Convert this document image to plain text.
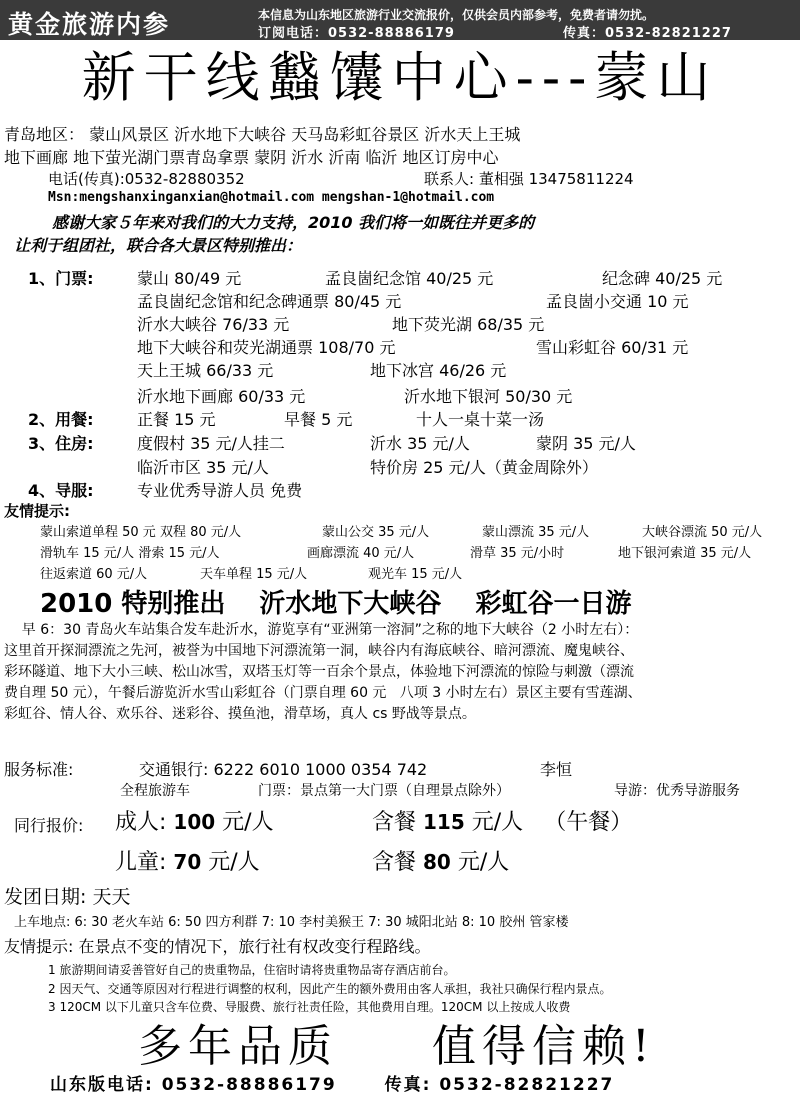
黄金旅游内参	本信息为山东地区旅游行业交流报价，仅供会员内部参考，免费者请勿扰。
订阅电话：0532-88886179	传真：0532-82821227
新干线蠽馕中心---蒙山
青岛地区： 蒙山风景区 沂水地下大峡谷 天马岛彩虹谷景区 沂水天上王城
地下画廊 地下萤光湖门票青岛拿票 蒙阴 沂水 沂南 临沂 地区订房中心
电话(传真):0532-82880352	联系人: 董相强 13475811224
Msn:mengshanxinganxian@hotmail.com mengshan-1@hotmail.com
感谢大家５年来对我们的大力支持，2010 我们将一如既往并更多的
让利于组团社，联合各大景区特别推出：
1、门票:	蒙山 80/49 元	孟良崮纪念馆 40/25 元	纪念碑 40/25 元
孟良崮纪念馆和纪念碑通票 80/45 元	孟良崮小交通 10 元
沂水大峡谷 76/33 元	地下荧光湖 68/35 元
地下大峡谷和荧光湖通票 108/70 元	雪山彩虹谷 60/31 元
天上王城 66/33 元	地下冰宫 46/26 元
沂水地下画廊 60/33 元	沂水地下银河 50/30 元
2、用餐:	正餐 15 元	早餐 5 元	十人一桌十菜一汤
3、住房:	度假村 35 元/人挂二	沂水 35 元/人	蒙阴 35 元/人
临沂市区 35 元/人	特价房 25 元/人（黄金周除外）
4、导服:	专业优秀导游人员 免费
友情提示:
蒙山索道单程 50 元 双程 80 元/人	蒙山公交 35 元/人	蒙山漂流 35 元/人	大峡谷漂流 50 元/人
滑轨车 15 元/人 滑索 15 元/人	画廊漂流 40 元/人	滑草 35 元/小时	地下银河索道 35 元/人
往返索道 60 元/人	天车单程 15 元/人	观光车 15 元/人
2010 特别推出 沂水地下大峡谷 彩虹谷一日游
早 6：30 青岛火车站集合发车赴沂水，游览享有“亚洲第一溶洞”之称的地下大峡谷（2 小时左右）：
这里首开探洞漂流之先河，被誉为中国地下河漂流第一洞，峡谷内有海底峡谷、暗河漂流、魔鬼峡谷、
彩环隧道、地下大小三峡、松山冰雪，双塔玉灯等一百余个景点，体验地下河漂流的惊险与刺激（漂流
费自理 50 元），午餐后游览沂水雪山彩虹谷（门票自理 60 元   八项 3 小时左右）景区主要有雪莲湖、
彩虹谷、情人谷、欢乐谷、迷彩谷、摸鱼池，滑草场，真人 cs 野战等景点。
服务标准:	交通银行: 6222 6010 1000 0354 742	李恒
全程旅游车	门票：景点第一大门票（自理景点除外）	导游：优秀导游服务
同行报价: 成人: 100 元/人	含餐 115 元/人 （午餐）
儿童: 70 元/人	含餐 80 元/人
发团日期: 天天
上车地点: 6: 30 老火车站 6: 50 四方利群 7: 10 李村美猴王 7: 30 城阳北站 8: 10 胶州 管家楼
友情提示: 在景点不变的情况下，旅行社有权改变行程路线。
1 旅游期间请妥善管好自己的贵重物品，住宿时请将贵重物品寄存酒店前台。
2 因天气、交通等原因对行程进行调整的权利，因此产生的额外费用由客人承担，我社只确保行程内景点。
3 120CM 以下儿童只含车位费、导服费、旅行社责任险，其他费用自理。120CM 以上按成人收费
多年品质 值得信赖!
山东版电话: 0532-88886179	传真: 0532-82821227
